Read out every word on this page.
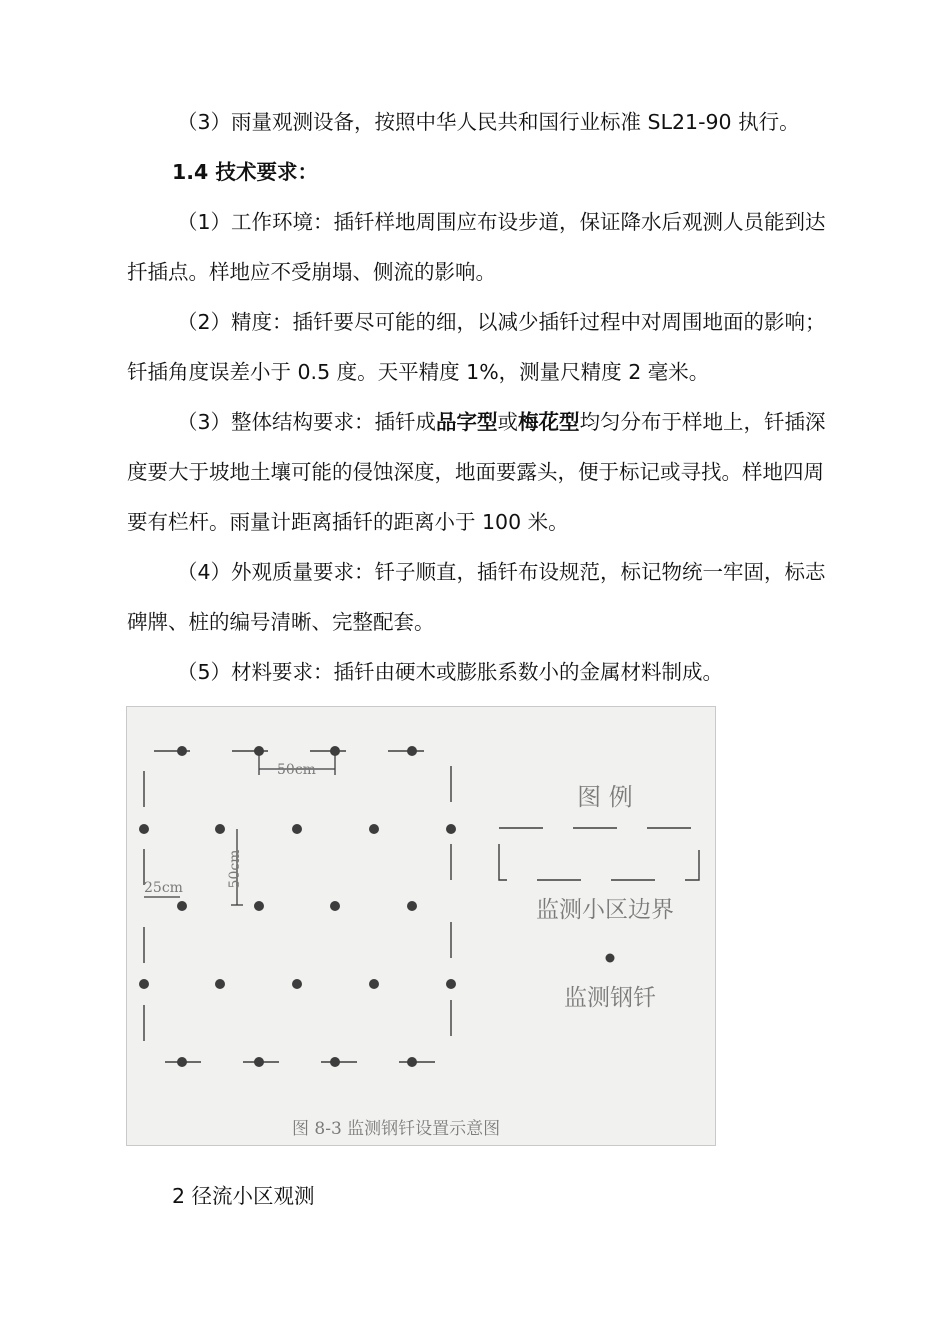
（3）雨量观测设备，按照中华人民共和国行业标准 SL21-90 执行。

1.4 技术要求：

（1）工作环境：插钎样地周围应布设步道，保证降水后观测人员能到达扦插点。样地应不受崩塌、侧流的影响。

（2）精度：插钎要尽可能的细，以减少插钎过程中对周围地面的影响；钎插角度误差小于 0.5 度。天平精度 1%，测量尺精度 2 毫米。

（3）整体结构要求：插钎成品字型或梅花型均匀分布于样地上，钎插深度要大于坡地土壤可能的侵蚀深度，地面要露头，便于标记或寻找。样地四周要有栏杆。雨量计距离插钎的距离小于 100 米。

（4）外观质量要求：钎子顺直，插钎布设规范，标记物统一牢固，标志碑牌、桩的编号清晰、完整配套。

（5）材料要求：插钎由硬木或膨胀系数小的金属材料制成。

50cm
50cm
25cm
图 例
监测小区边界
监测钢钎
图 8-3 监测钢钎设置示意图

2 径流小区观测
